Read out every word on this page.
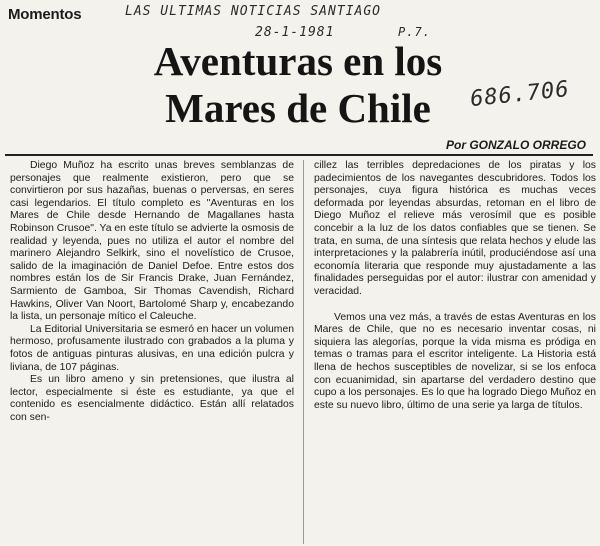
Momentos	LAS ULTIMAS NOTICIAS SANTIAGO
28-1-1981	P.7.
686.706
Aventuras en los Mares de Chile
Por GONZALO ORREGO

Diego Muñoz ha escrito unas breves semblanzas de personajes que realmente existieron, pero que se convirtieron por sus hazañas, buenas o perversas, en seres casi legendarios. El título completo es "Aventuras en los Mares de Chile desde Hernando de Magallanes hasta Robinson Crusoe". Ya en este título se advierte la osmosis de realidad y leyenda, pues no utiliza el autor el nombre del marinero Alejandro Selkirk, sino el novelístico de Crusoe, salido de la imaginación de Daniel Defoe. Entre estos dos nombres están los de Sir Francis Drake, Juan Fernández, Sarmiento de Gamboa, Sir Thomas Cavendish, Richard Hawkins, Oliver Van Noort, Bartolomé Sharp y, encabezando la lista, un personaje mítico el Caleuche.

La Editorial Universitaria se esmeró en hacer un volumen hermoso, profusamente ilustrado con grabados a la pluma y fotos de antiguas pinturas alusivas, en una edición pulcra y liviana, de 107 páginas.

Es un libro ameno y sin pretensiones, que ilustra al lector, especialmente si éste es estudiante, ya que el contenido es esencialmente didáctico. Están allí relatados con sen-

cillez las terribles depredaciones de los piratas y los padecimientos de los navegantes descubridores. Todos los personajes, cuya figura histórica es muchas veces deformada por leyendas absurdas, retoman en el libro de Diego Muñoz el relieve más verosímil que es posible concebir a la luz de los datos confiables que se tienen. Se trata, en suma, de una síntesis que relata hechos y elude las interpretaciones y la palabrería inútil, produciéndose así una economía literaria que responde muy ajustadamente a las finalidades perseguidas por el autor: ilustrar con amenidad y veracidad.

Vemos una vez más, a través de estas Aventuras en los Mares de Chile, que no es necesario inventar cosas, ni siquiera las alegorías, porque la vida misma es pródiga en temas o tramas para el escritor inteligente. La Historia está llena de hechos susceptibles de novelizar, si se los enfoca con ecuanimidad, sin apartarse del verdadero destino que cupo a los personajes. Es lo que ha logrado Diego Muñoz en este su nuevo libro, último de una serie ya larga de títulos.
